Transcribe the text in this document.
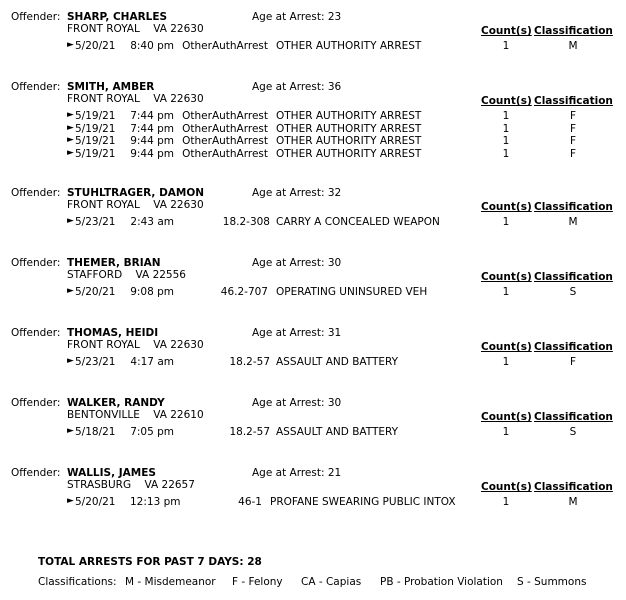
Offender: SHARP, CHARLES	Age at Arrest: 23
FRONT ROYAL VA 22630	Count(s) Classification
► 5/20/21 8:40 pm OtherAuthArrest OTHER AUTHORITY ARREST	1	M
Offender: SMITH, AMBER	Age at Arrest: 36
FRONT ROYAL VA 22630	Count(s) Classification
► 5/19/21 7:44 pm OtherAuthArrest OTHER AUTHORITY ARREST	1	F
► 5/19/21 7:44 pm OtherAuthArrest OTHER AUTHORITY ARREST	1	F
► 5/19/21 9:44 pm OtherAuthArrest OTHER AUTHORITY ARREST	1	F
► 5/19/21 9:44 pm OtherAuthArrest OTHER AUTHORITY ARREST	1	F
Offender: STUHLTRAGER, DAMON	Age at Arrest: 32
FRONT ROYAL VA 22630	Count(s) Classification
► 5/23/21 2:43 am	18.2-308 CARRY A CONCEALED WEAPON	1	M
Offender: THEMER, BRIAN	Age at Arrest: 30
STAFFORD VA 22556	Count(s) Classification
► 5/20/21 9:08 pm	46.2-707 OPERATING UNINSURED VEH	1	S
Offender: THOMAS, HEIDI	Age at Arrest: 31
FRONT ROYAL VA 22630	Count(s) Classification
► 5/23/21 4:17 am	18.2-57 ASSAULT AND BATTERY	1	F
Offender: WALKER, RANDY	Age at Arrest: 30
BENTONVILLE VA 22610	Count(s) Classification
► 5/18/21 7:05 pm	18.2-57 ASSAULT AND BATTERY	1	S
Offender: WALLIS, JAMES	Age at Arrest: 21
STRASBURG VA 22657	Count(s) Classification
► 5/20/21 12:13 pm	46-1 PROFANE SWEARING PUBLIC INTOX	1	M
TOTAL ARRESTS FOR PAST 7 DAYS: 28
Classifications: M - Misdemeanor F - Felony CA - Capias PB - Probation Violation S - Summons
